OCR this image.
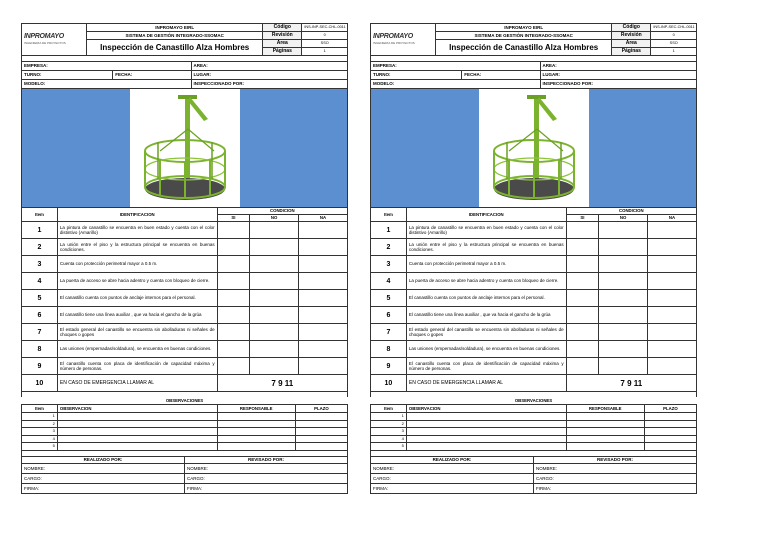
INPROMAYO
INGENIERIA DE PROYECTOS	INPROMAYO EIRL	Código	INS-INP-SEC-CHL-0011
	SISTEMA DE GESTIÓN INTEGRADO-SSOMAC	Revisión	0
	Inspección de Canastillo Alza Hombres	Área	SSO
		Páginas	1
EMPRESA:		AREA:
TURNO:	FECHA:	LUGAR:
MODELO:		INSPECCIONADO POR:
Item	IDENTIFICACION	CONDICION		
		SI	NO	NA
1	La pintura de canastillo se encuentra en buen estado y cuenta con el color distintivo (Amarillo)			
2	La unión entre el piso y la estructura principal se encuentra en buenas condiciones.			
3	Cuenta con protección perimetral mayor a 0.5 m.			
4	La puerta de acceso se abre hacia adentro y cuenta con bloqueo de cierre.			
5	El canastillo cuenta con puntos de anclaje internos para el personal.			
6	El canastillo tiene una línea auxiliar , que va hacia el gancho de la grúa			
7	El estado general del canastillo se encuentra sin abolladuras ni señales de choques o gopes			
8	Las uniones (empernadas/soldadura), se encuentra en buenas condiciones.			
9	El canastillo cuenta con placa de identificación de capacidad máxima y número de personas.			
10	EN CASO DE EMERGENCIA LLAMAR AL	7 9 11		
OBSERVACIONES			
Item	OBSERVACION	RESPONSABLE	PLAZO
1			
2			
3			
4			
5			
REALIZADO POR:	REVISADO POR:
NOMBRE:	NOMBRE:
CARGO:	CARGO:
FIRMA:	FIRMA:
INPROMAYO
INGENIERIA DE PROYECTOS	INPROMAYO EIRL	Código	INS-INP-SEC-CHL-0011
	SISTEMA DE GESTIÓN INTEGRADO-SSOMAC	Revisión	0
	Inspección de Canastillo Alza Hombres	Área	SSO
		Páginas	1
EMPRESA:		AREA:
TURNO:	FECHA:	LUGAR:
MODELO:		INSPECCIONADO POR:
Item	IDENTIFICACION	CONDICION		
		SI	NO	NA
1	La pintura de canastillo se encuentra en buen estado y cuenta con el color distintivo (Amarillo)			
2	La unión entre el piso y la estructura principal se encuentra en buenas condiciones.			
3	Cuenta con protección perimetral mayor a 0.5 m.			
4	La puerta de acceso se abre hacia adentro y cuenta con bloqueo de cierre.			
5	El canastillo cuenta con puntos de anclaje internos para el personal.			
6	El canastillo tiene una línea auxiliar , que va hacia el gancho de la grúa			
7	El estado general del canastillo se encuentra sin abolladuras ni señales de choques o gopes			
8	Las uniones (empernadas/soldadura), se encuentra en buenas condiciones.			
9	El canastillo cuenta con placa de identificación de capacidad máxima y número de personas.			
10	EN CASO DE EMERGENCIA LLAMAR AL	7 9 11		
OBSERVACIONES			
Item	OBSERVACION	RESPONSABLE	PLAZO
1			
2			
3			
4			
5			
REALIZADO POR:	REVISADO POR:
NOMBRE:	NOMBRE:
CARGO:	CARGO:
FIRMA:	FIRMA:
